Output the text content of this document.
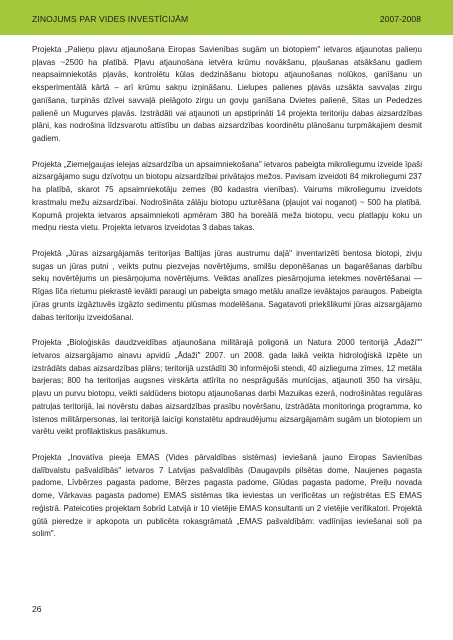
ZINOJUMS PAR VIDES INVESTĪCIJĀM	2007-2008

Projekta „Palieņu pļavu atjaunošana Eiropas Savienības sugām un biotopiem" ietvaros atjaunotas palieņu pļavas ~2500 ha platībā. Pļavu atjaunošana ietvēra krūmu novākšanu, pļaušanas atsākšanu gadiem neapsaimniekotās pļavās, kontrolētu kūlas dedzināšanu biotopu atjaunošanas nolūkos, ganīšanu un eksperimentālā kārtā – arī krūmu sakņu izņināšanu. Lielupes palienes pļavās uzsākta savvaļas zirgu ganīšana, turpinās dzīvei savvaļā pielāgoto zirgu un govju ganīšana Dvietes palienē, Sitas un Pededzes palienē un Mugurves pļavās. Izstrādāti vai atjaunoti un apstiprināti 14 projekta teritoriju dabas aizsardzības plāni, kas nodrošina līdzsvarotu attīstību un dabas aizsardzības koordinētu plānošanu turpmākajiem desmit gadiem.

Projekta „Ziemeļgaujas ielejas aizsardzība un apsaimniekošana" ietvaros pabeigta mikroliegumu izveide īpaši aizsargājamo sugu dzīvotņu un biotopu aizsardzībai privātajos mežos. Pavisam izveidoti 84 mikroliegumi 237 ha platībā, skarot 75 apsaimniekotāju zemes (80 kadastra vienības). Vairums mikroliegumu izveidots krastmalu mežu aizsardzībai. Nodrošināta zālāju biotopu uzturēšana (pļaujot vai noganot) ~ 500 ha platībā. Kopumā projekta ietvaros apsaimniekoti apmēram 380 ha boreālā meža biotopu, vecu platlapju koku un medņu riesta vietu. Projekta ietvaros izveidotas 3 dabas takas.

Projektā „Jūras aizsargājamās teritorijas Baltijas jūras austrumu daļā" inventarizēti bentosa biotopi, zivju sugas un jūras putni , veikts putnu piezvejas novērtējums, smilšu deponēšanas un bagarēšanas darbību sekų novērtējums un piesārņojuma novērtējums. Veiktas analīzes piesārņojuma ietekmes novērtēšanai — Rīgas līča rietumu piekrastē ievākti paraugi un pabeigta smago metālu analīze ievāktajos paraugos. Pabeigta jūras grunts izgāztuvēs izgāzto sedimentu plūsmas modelēšana. Sagatavoti priekšlikumi jūras aizsargājamo dabas teritoriju izveidošanai.

Projekta „Bioloģiskās daudzveidības atjaunošana militārajā poligonā un Natura 2000 teritorijā „Ādaži"" ietvaros aizsargājamo ainavu apvidū „Ādaži" 2007. un 2008. gada laikā veikta hidroloģiskā izpēte un izstrādāts dabas aizsardzības plāns; teritorijā uzstādīti 30 informējoši stendi, 40 aizlieguma zīmes, 12 metāla barjeras; 800 ha teritorijas augsnes virskārta attīrīta no nesprāgušās munīcijas, atjaunoti 350 ha virsāju, pļavu un purvu biotopu, veikti saldūdens biotopu atjaunošanas darbi Mazuikas ezerā, nodrošinātas regulāras patruļas teritorijā, lai novērstu dabas aizsardzības prasību novēršanu, izstrādāta monitoringa programma, ko īstenos militārpersonas, lai teritorijā laicīgi konstatētu apdraudējumu aizsargājamām sugām un biotopiem un varētu veikt profilaktiskus pasākumus.

Projekta „Inovatīva pieeja EMAS (Vides pārvaldības sistēmas) ieviešanā jauno Eiropas Savienības dalībvalstu pašvaldībās" ietvaros 7 Latvijas pašvaldībās (Daugavpils pilsētas dome, Naujenes pagasta padome, Līvbērzes pagasta padome, Bērzes pagasta padome, Glūdas pagasta padome, Preiļu novada dome, Vārkavas pagasta padome) EMAS sistēmas tika ieviestas un verificētas un reģistrētas ES EMAS reģistrā. Pateicoties projektam šobrīd Latvijā ir 10 vietējie EMAS konsultanti un 2 vietējie verifikatori. Projektā gūtā pieredze ir apkopota un publicēta rokasgrāmatā „EMAS pašvaldībām: vadlīnijas ieviešanai soli pa solim".

26
